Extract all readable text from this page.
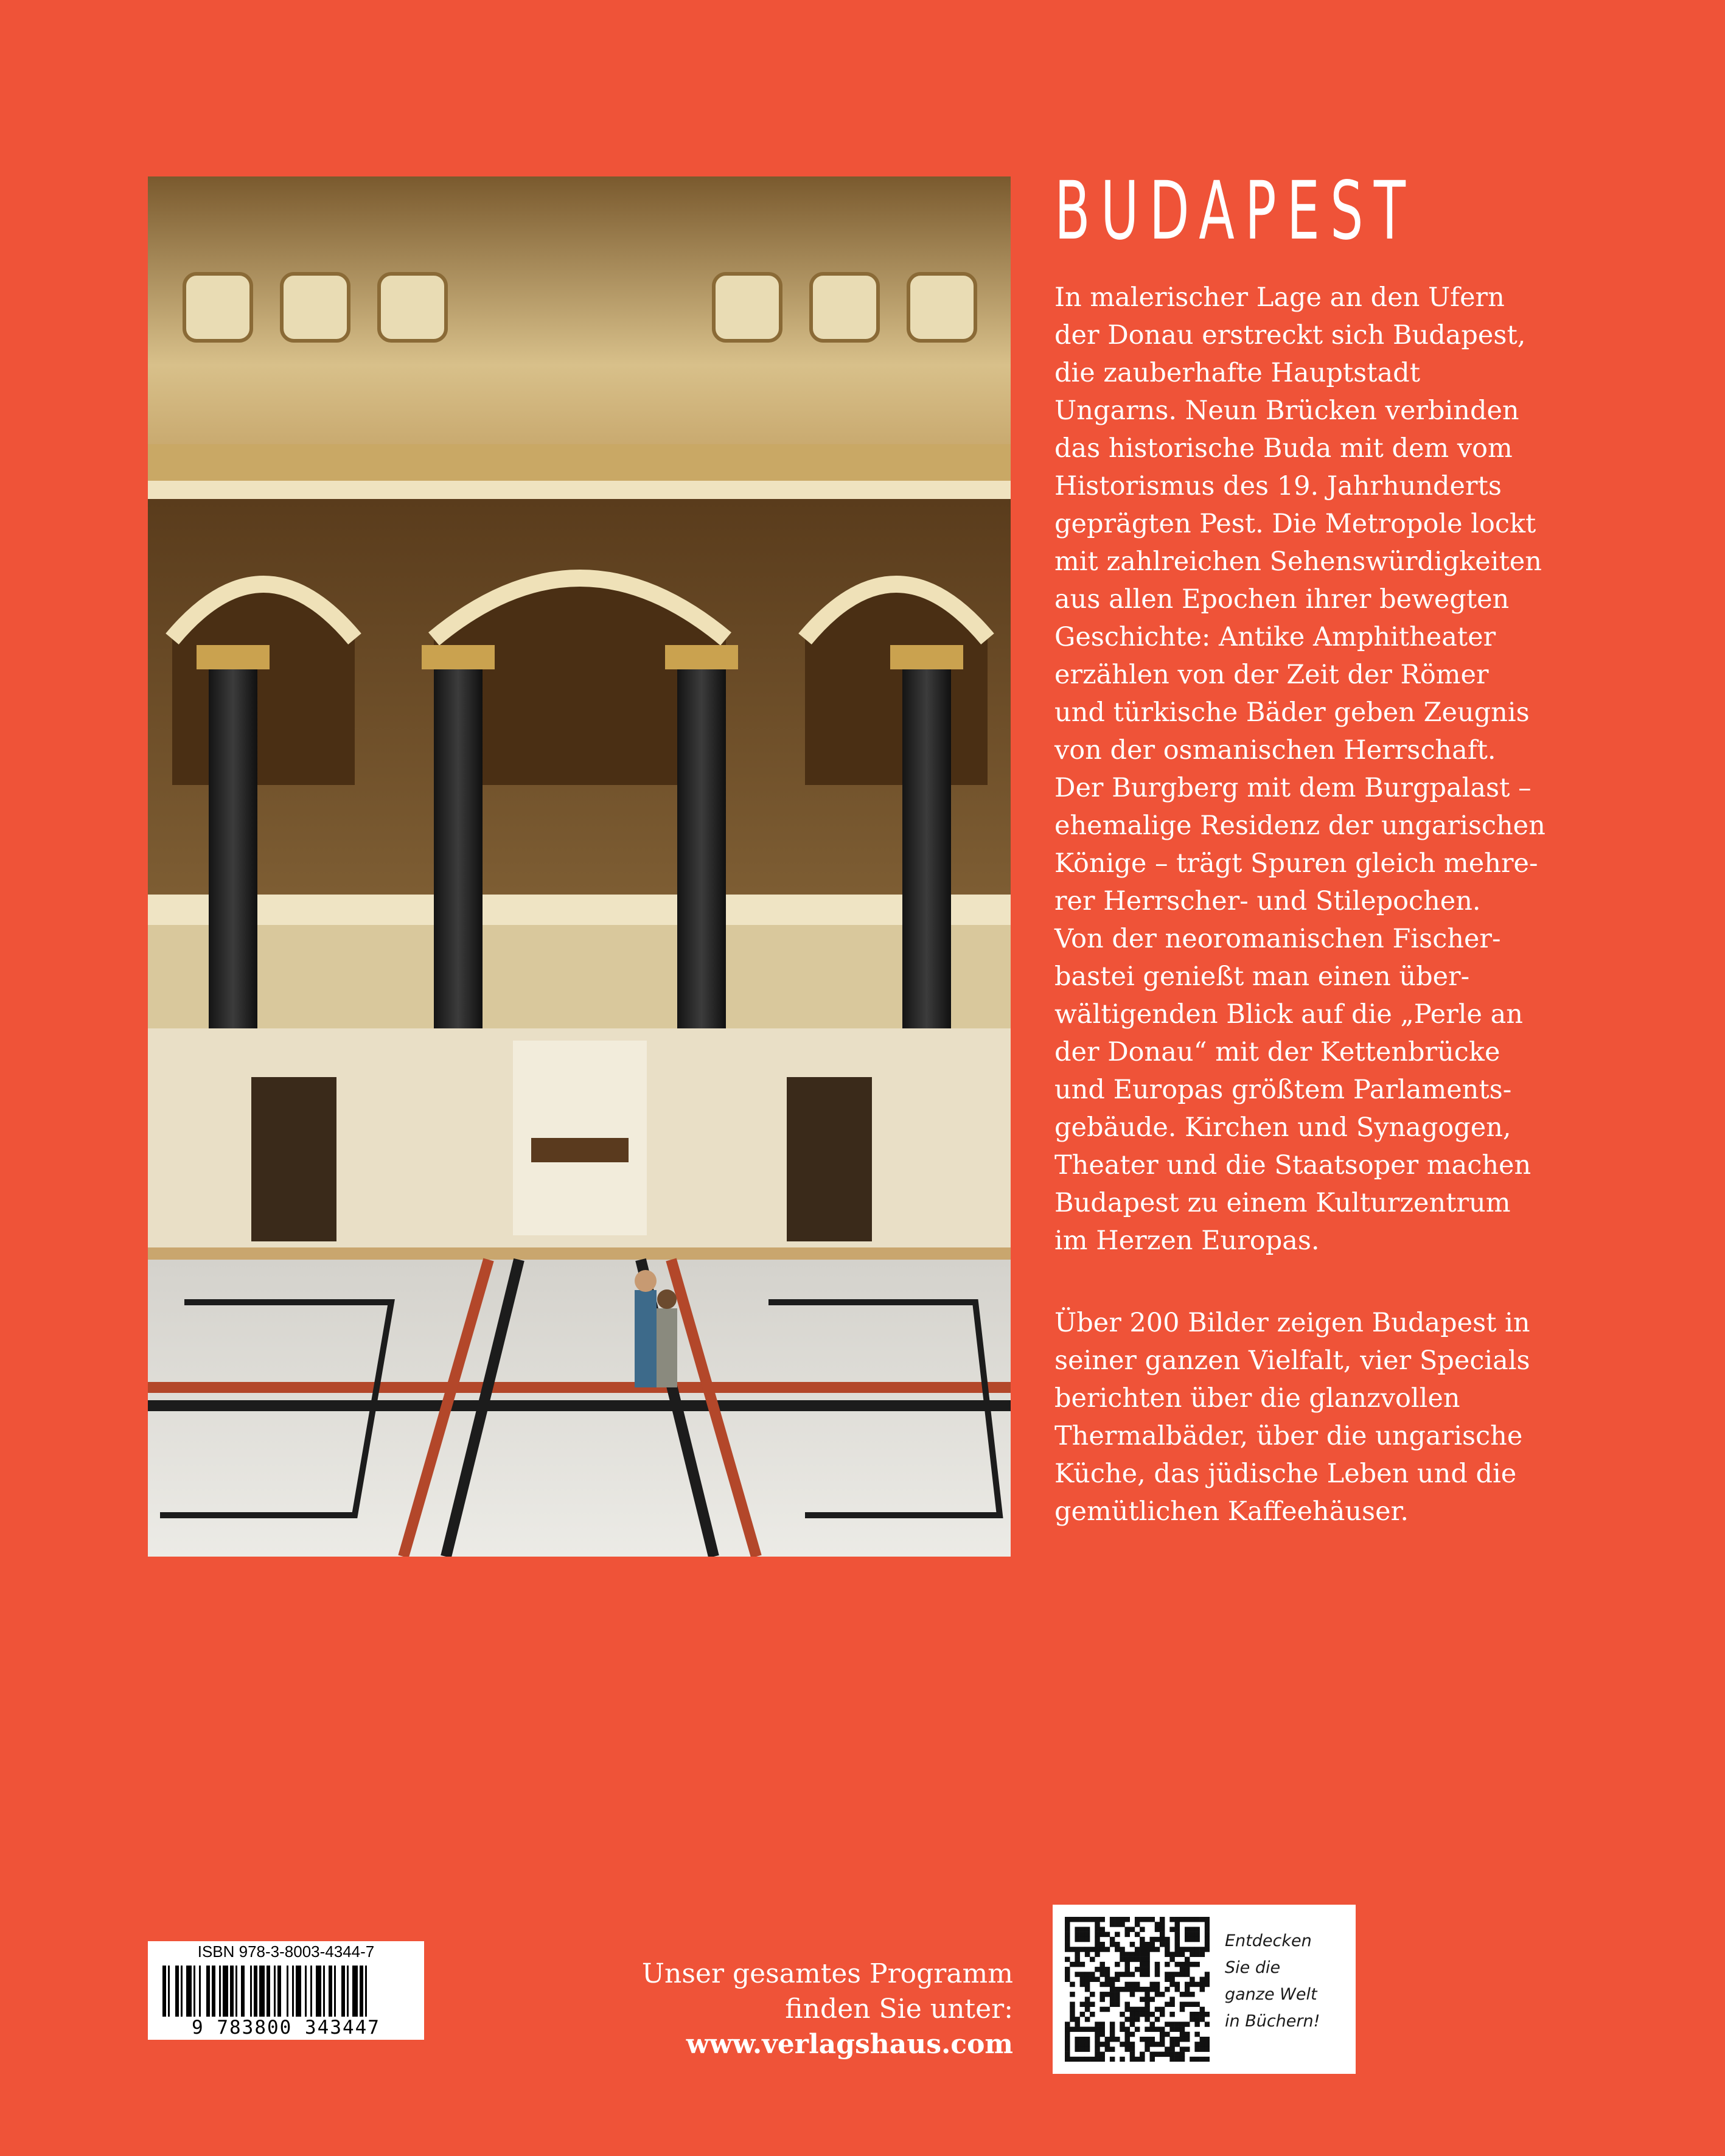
BUDAPEST

In malerischer Lage an den Ufern
der Donau erstreckt sich Budapest,
die zauberhafte Hauptstadt
Ungarns. Neun Brücken verbinden
das historische Buda mit dem vom
Historismus des 19. Jahrhunderts
geprägten Pest. Die Metropole lockt
mit zahlreichen Sehenswürdigkeiten
aus allen Epochen ihrer bewegten
Geschichte: Antike Amphitheater
erzählen von der Zeit der Römer
und türkische Bäder geben Zeugnis
von der osmanischen Herrschaft.
Der Burgberg mit dem Burgpalast –
ehemalige Residenz der ungarischen
Könige – trägt Spuren gleich mehre-
rer Herrscher- und Stilepochen.
Von der neoromanischen Fischer-
bastei genießt man einen über-
wältigenden Blick auf die „Perle an
der Donau“ mit der Kettenbrücke
und Europas größtem Parlaments-
gebäude. Kirchen und Synagogen,
Theater und die Staatsoper machen
Budapest zu einem Kulturzentrum
im Herzen Europas.

Über 200 Bilder zeigen Budapest in
seiner ganzen Vielfalt, vier Specials
berichten über die glanzvollen
Thermalbäder, über die ungarische
Küche, das jüdische Leben und die
gemütlichen Kaffeehäuser.

ISBN 978-3-8003-4344-7
9 783800 343447
Unser gesamtes Programm
finden Sie unter:
www.verlagshaus.com
Entdecken
Sie die
ganze Welt
in Büchern!
